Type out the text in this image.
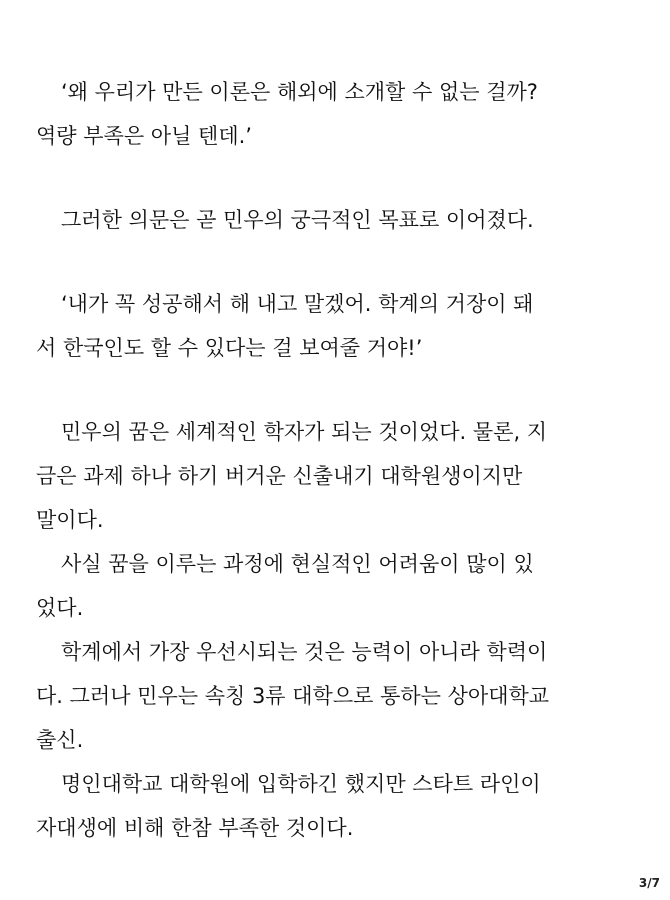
‘왜 우리가 만든 이론은 해외에 소개할 수 없는 걸까?
역량 부족은 아닐 텐데.’
그러한 의문은 곧 민우의 궁극적인 목표로 이어졌다.
‘내가 꼭 성공해서 해 내고 말겠어. 학계의 거장이 돼
서 한국인도 할 수 있다는 걸 보여줄 거야!’
민우의 꿈은 세계적인 학자가 되는 것이었다. 물론, 지
금은 과제 하나 하기 버거운 신출내기 대학원생이지만
말이다.
사실 꿈을 이루는 과정에 현실적인 어려움이 많이 있
었다.
학계에서 가장 우선시되는 것은 능력이 아니라 학력이
다. 그러나 민우는 속칭 3류 대학으로 통하는 상아대학교
출신.
명인대학교 대학원에 입학하긴 했지만 스타트 라인이
자대생에 비해 한참 부족한 것이다.
3/7
